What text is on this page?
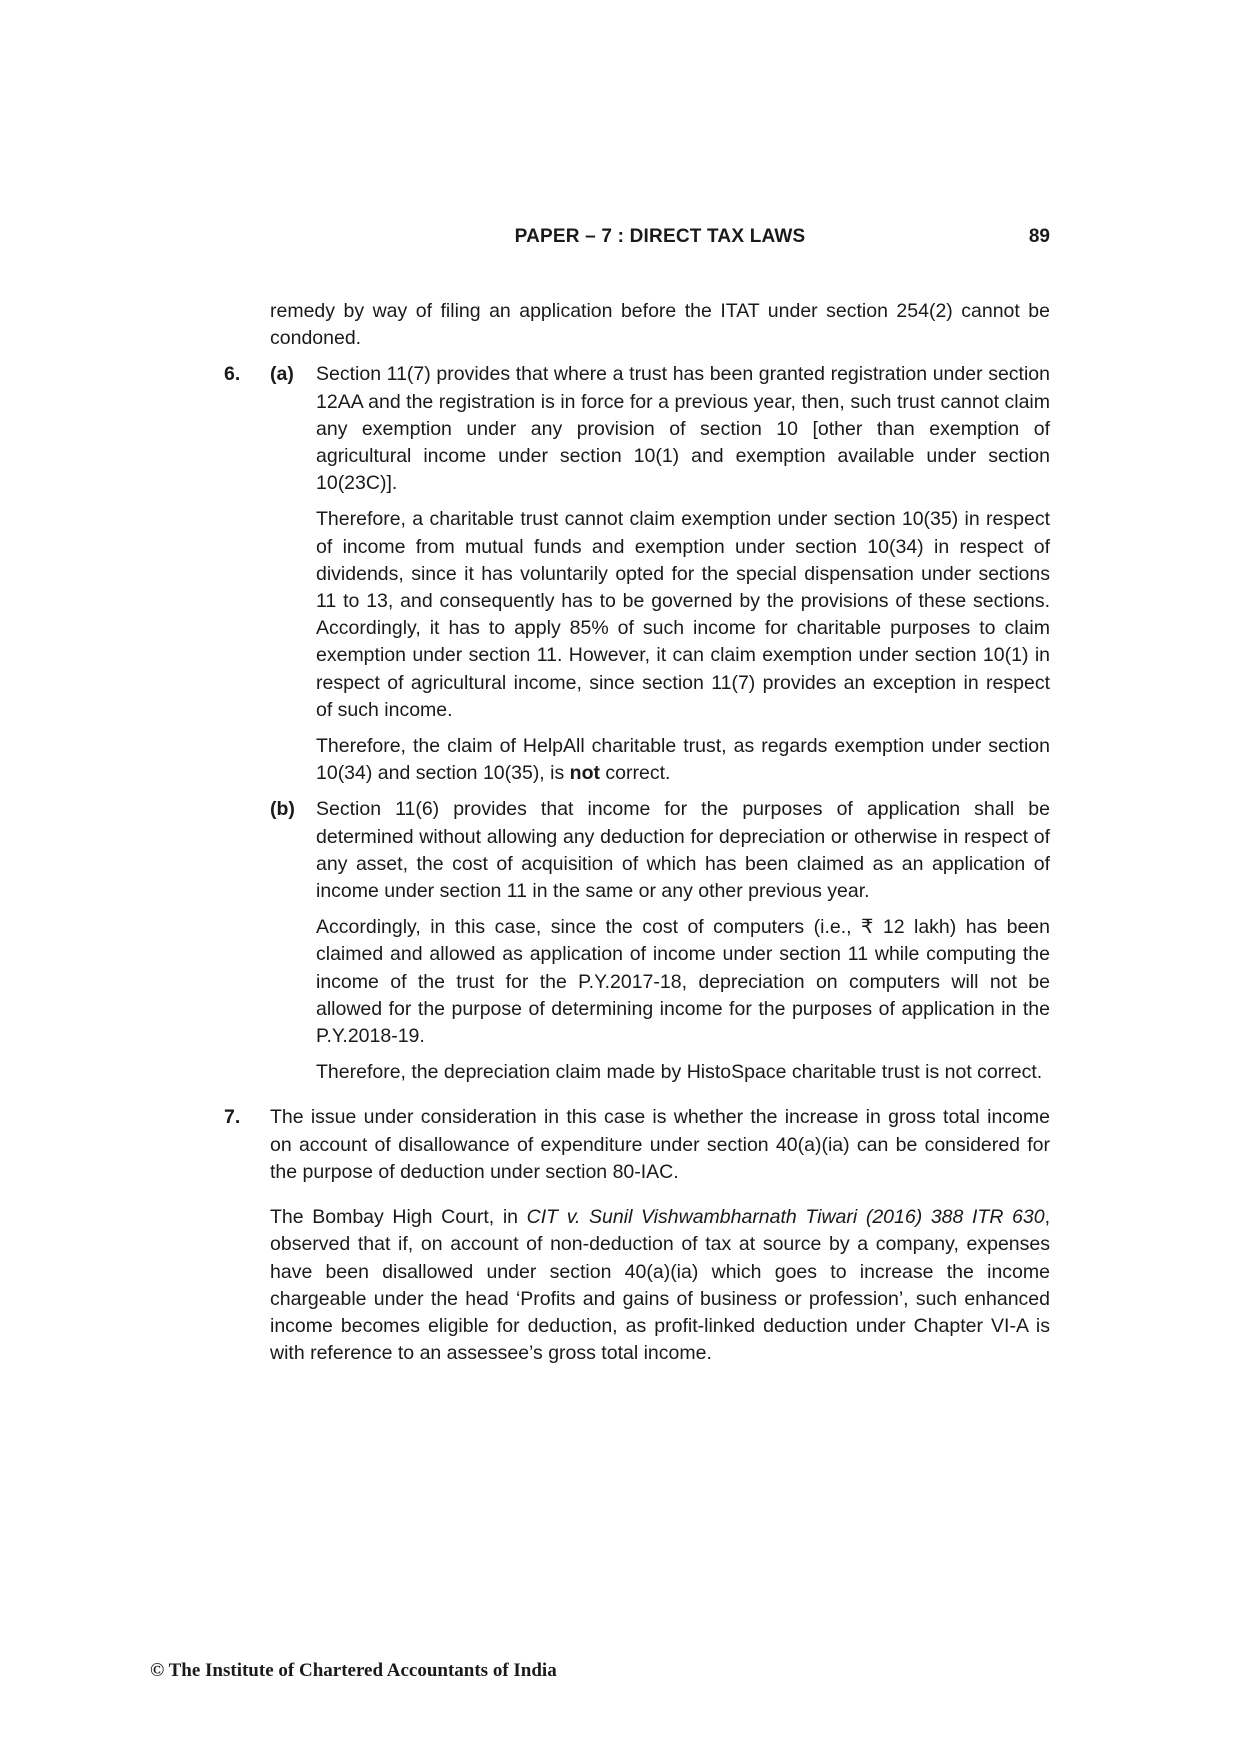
PAPER – 7 : DIRECT TAX LAWS	89

remedy by way of filing an application before the ITAT under section 254(2) cannot be condoned.

6. (a) Section 11(7) provides that where a trust has been granted registration under section 12AA and the registration is in force for a previous year, then, such trust cannot claim any exemption under any provision of section 10 [other than exemption of agricultural income under section 10(1) and exemption available under section 10(23C)].

Therefore, a charitable trust cannot claim exemption under section 10(35) in respect of income from mutual funds and exemption under section 10(34) in respect of dividends, since it has voluntarily opted for the special dispensation under sections 11 to 13, and consequently has to be governed by the provisions of these sections. Accordingly, it has to apply 85% of such income for charitable purposes to claim exemption under section 11. However, it can claim exemption under section 10(1) in respect of agricultural income, since section 11(7) provides an exception in respect of such income.

Therefore, the claim of HelpAll charitable trust, as regards exemption under section 10(34) and section 10(35), is not correct.

(b) Section 11(6) provides that income for the purposes of application shall be determined without allowing any deduction for depreciation or otherwise in respect of any asset, the cost of acquisition of which has been claimed as an application of income under section 11 in the same or any other previous year.

Accordingly, in this case, since the cost of computers (i.e., ₹ 12 lakh) has been claimed and allowed as application of income under section 11 while computing the income of the trust for the P.Y.2017-18, depreciation on computers will not be allowed for the purpose of determining income for the purposes of application in the P.Y.2018-19.

Therefore, the depreciation claim made by HistoSpace charitable trust is not correct.

7. The issue under consideration in this case is whether the increase in gross total income on account of disallowance of expenditure under section 40(a)(ia) can be considered for the purpose of deduction under section 80-IAC.

The Bombay High Court, in CIT v. Sunil Vishwambharnath Tiwari (2016) 388 ITR 630, observed that if, on account of non-deduction of tax at source by a company, expenses have been disallowed under section 40(a)(ia) which goes to increase the income chargeable under the head ‘Profits and gains of business or profession’, such enhanced income becomes eligible for deduction, as profit-linked deduction under Chapter VI-A is with reference to an assessee’s gross total income.

© The Institute of Chartered Accountants of India
